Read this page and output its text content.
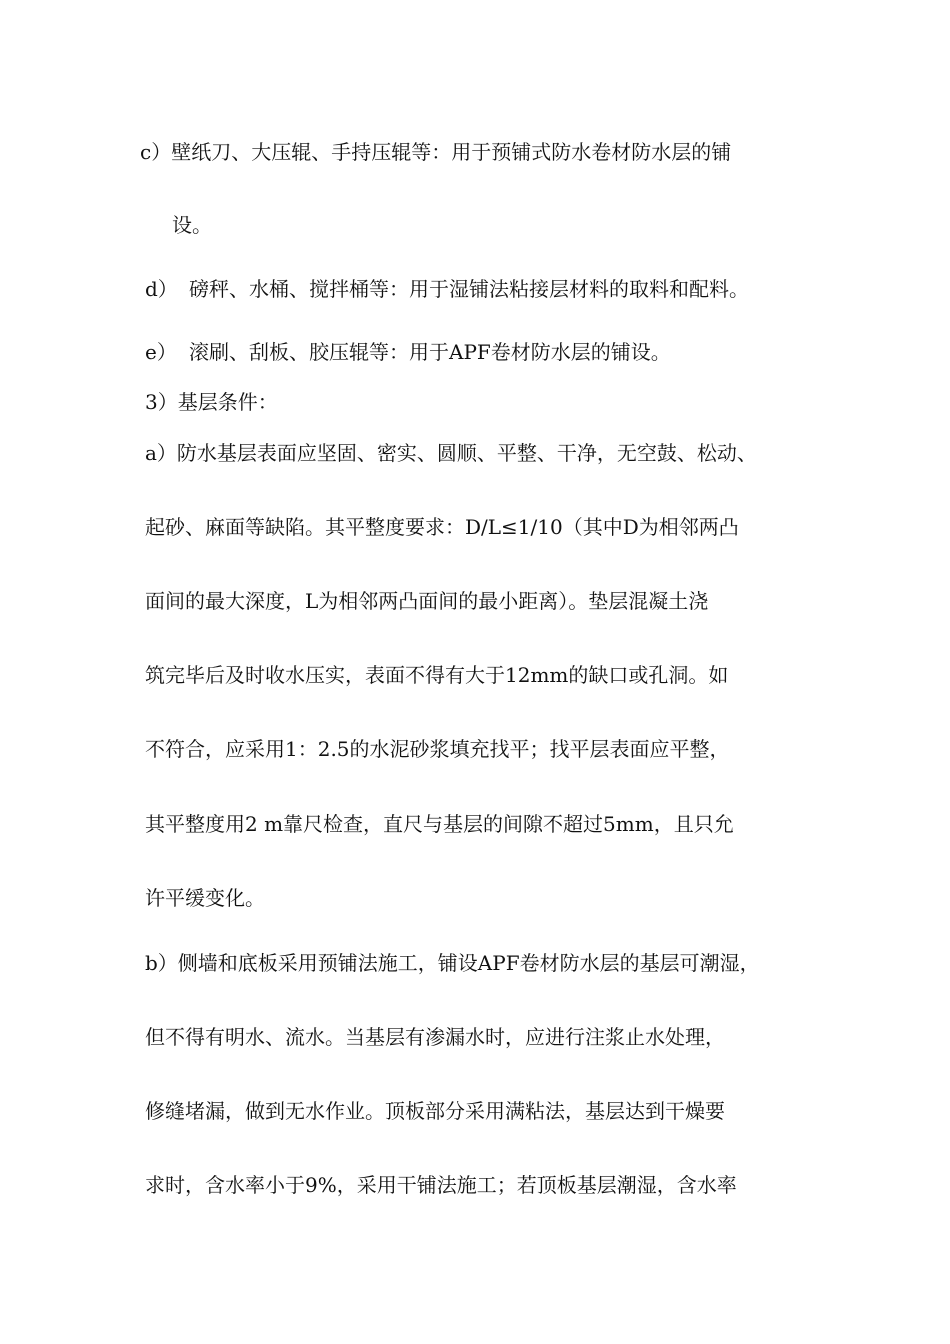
c）壁纸刀、大压辊、手持压辊等：用于预铺式防水卷材防水层的铺
设。
d） 磅秤、水桶、搅拌桶等：用于湿铺法粘接层材料的取料和配料。
e） 滚刷、刮板、胶压辊等：用于APF卷材防水层的铺设。
3）基层条件：
a）防水基层表面应坚固、密实、圆顺、平整、干净，无空鼓、松动、
起砂、麻面等缺陷。其平整度要求：D/L≤1/10（其中D为相邻两凸
面间的最大深度，L为相邻两凸面间的最小距离）。垫层混凝土浇
筑完毕后及时收水压实，表面不得有大于12mm的缺口或孔洞。如
不符合，应采用1：2.5的水泥砂浆填充找平；找平层表面应平整，
其平整度用2 m靠尺检查，直尺与基层的间隙不超过5mm，且只允
许平缓变化。
b）侧墙和底板采用预铺法施工，铺设APF卷材防水层的基层可潮湿，
但不得有明水、流水。当基层有渗漏水时，应进行注浆止水处理，
修缝堵漏，做到无水作业。顶板部分采用满粘法，基层达到干燥要
求时，含水率小于9%，采用干铺法施工；若顶板基层潮湿，含水率
